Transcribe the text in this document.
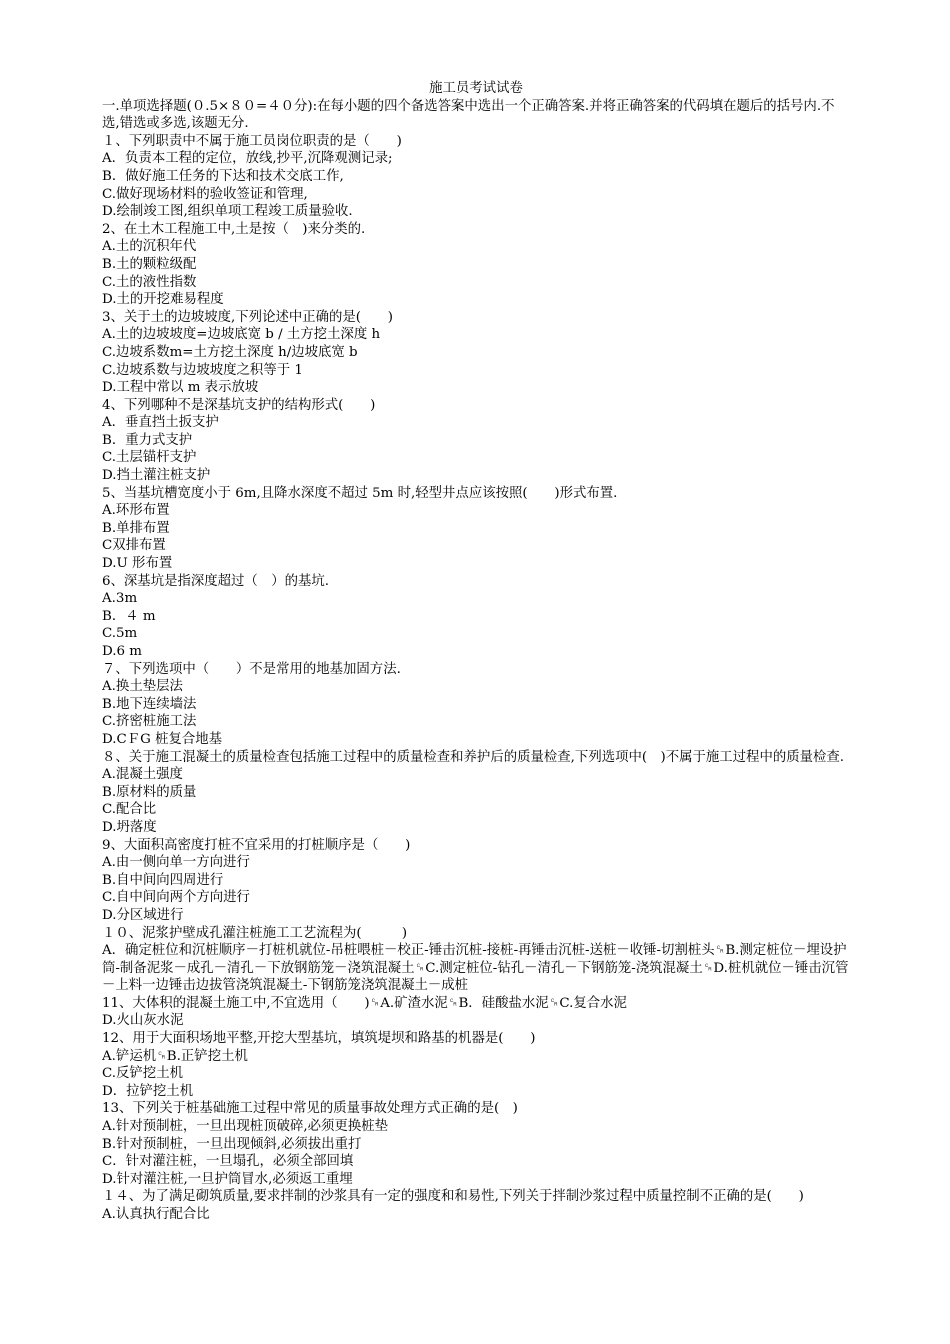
施工员考试试卷

一.单项选择题(０.5×８０=４０分):在每小题的四个备选答案中选出一个正确答案.并将正确答案的代码填在题后的括号内.不选,错选或多选,该题无分.

１、下列职责中不属于施工员岗位职责的是（　　)

A．负责本工程的定位，放线,抄平,沉降观测记录;

B．做好施工任务的下达和技术交底工作,

C.做好现场材料的验收签证和管理,

D.绘制竣工图,组织单项工程竣工质量验收.

2、在土木工程施工中,土是按（　)来分类的.

A.土的沉积年代

B.土的颗粒级配

C.土的液性指数

D.土的开挖难易程度

3、关于土的边坡坡度,下列论述中正确的是(　　)

A.土的边坡坡度=边坡底宽 b / 土方挖土深度 h

C.边坡系数m=土方挖土深度 h/边坡底宽 b

C.边坡系数与边坡坡度之积等于 1

D.工程中常以 m 表示放坡

4、下列哪种不是深基坑支护的结构形式(　　)

A．垂直挡土扳支护

B．重力式支护

C.土层锚杆支护

D.挡土灌注桩支护

5、当基坑槽宽度小于 6m,且降水深度不超过 5m 时,轻型井点应该按照(　　)形式布置.

A.环形布置

B.单排布置

C双排布置

D.U 形布置

6、深基坑是指深度超过（　）的基坑.

A.3m

B．４ m

C.5m

D.6 m

７、下列选项中（　　）不是常用的地基加固方法.

A.换土垫层法

B.地下连续墙法

C.挤密桩施工法

D.CＦG 桩复合地基

８、关于施工混凝土的质量检查包括施工过程中的质量检查和养护后的质量检查,下列选项中(　)不属于施工过程中的质量检查.

A.混凝土强度

B.原材料的质量

C.配合比

D.坍落度

9、大面积高密度打桩不宜采用的打桩顺序是（　　)

A.由一侧向单一方向进行

B.自中间向四周进行

C.自中间向两个方向进行

D.分区域进行

１０、泥浆护壁成孔灌注桩施工工艺流程为(　　　)

A．确定桩位和沉桩顺序－打桩机就位-吊桩喂桩－校正-锤击沉桩-接桩-再锤击沉桩-送桩－收锤-切割桩头␍B.测定桩位－埋设护筒-制备泥浆－成孔－清孔－下放钢筋笼－浇筑混凝土␍C.测定桩位-钻孔－清孔－下钢筋笼-浇筑混凝土␍D.桩机就位－锤击沉管－上料一边锤击边拔管浇筑混凝土-下钢筋笼浇筑混凝土－成桩

11、大体积的混凝土施工中,不宜选用（　　)␍A.矿渣水泥␍B．硅酸盐水泥␍C.复合水泥

D.火山灰水泥

12、用于大面积场地平整,开挖大型基坑，填筑堤坝和路基的机器是(　　)

A.铲运机␍B.正铲挖土机

C.反铲挖土机

D．拉铲挖土机

13、下列关于桩基础施工过程中常见的质量事故处理方式正确的是(　)

A.针对预制桩，一旦出现桩顶破碎,必须更换桩垫

B.针对预制桩，一旦出现倾斜,必须拔出重打

C．针对灌注桩，一旦塌孔，必须全部回填

D.针对灌注桩,一旦护筒冒水,必须返工重埋

１４、为了满足砌筑质量,要求拌制的沙浆具有一定的强度和和易性,下列关于拌制沙浆过程中质量控制不正确的是(　　)

A.认真执行配合比
